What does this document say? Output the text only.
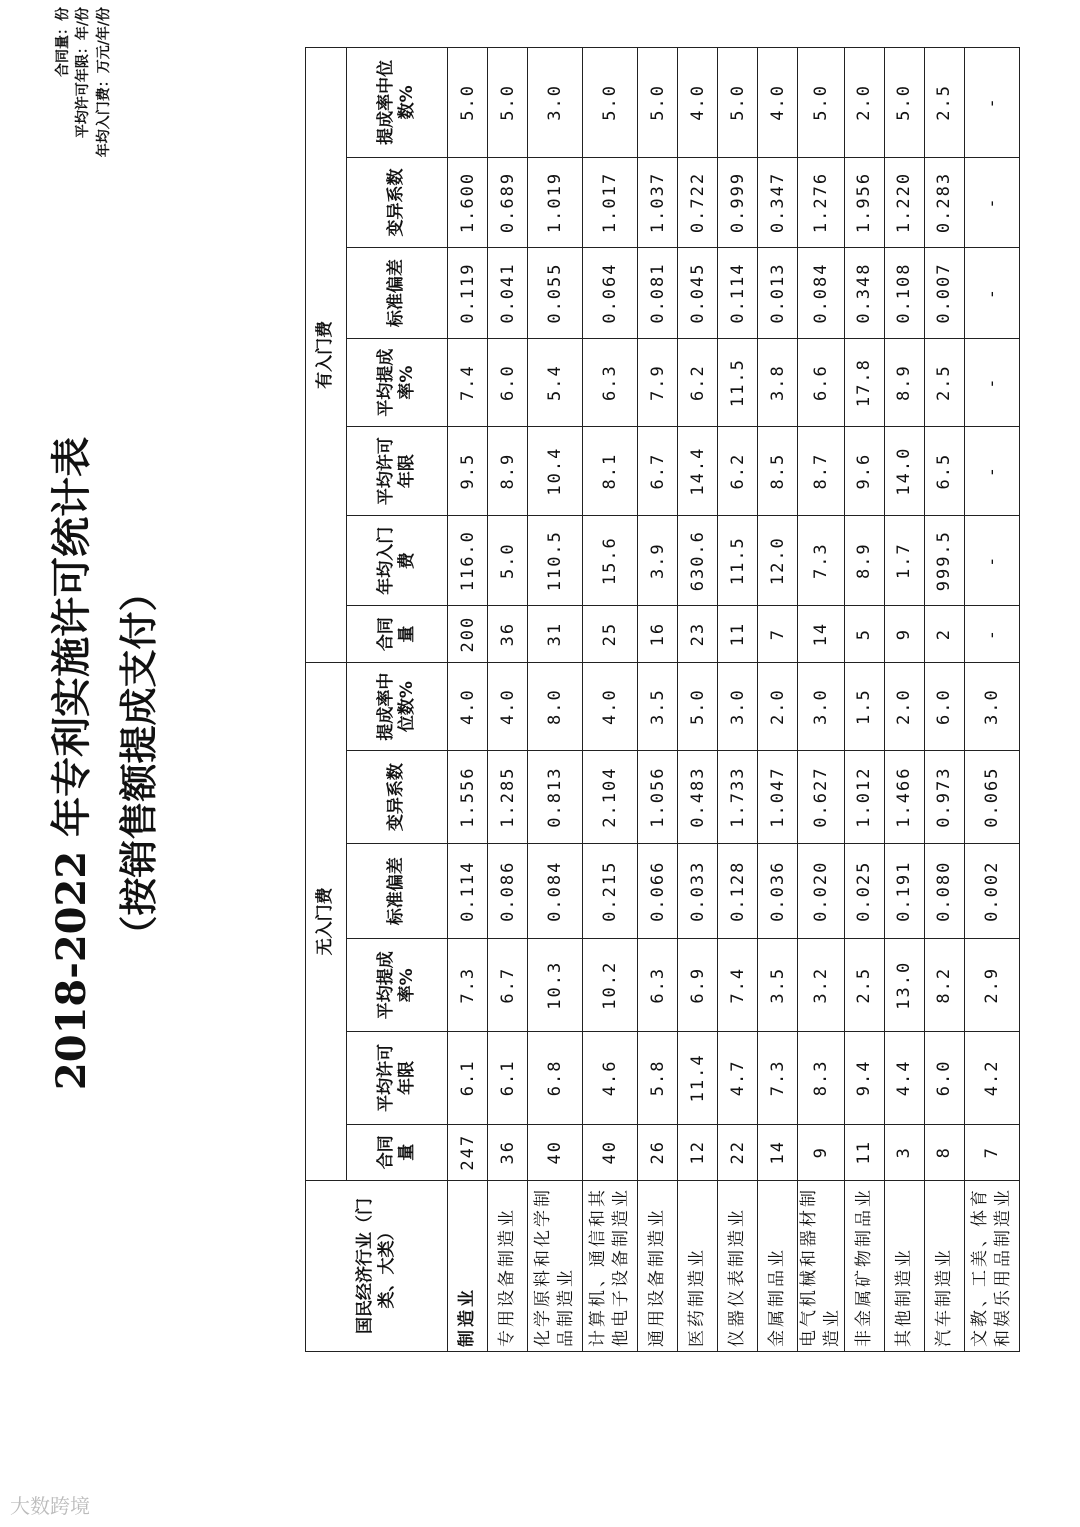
2018-2022 年专利实施许可统计表 （按销售额提成支付）
合同量：份 平均许可年限：年/份 年均入门费：万元/年/份
国民经济行业（门类、大类）	无入门费						有入门费						
	合同量	平均许可年限	平均提成率%	标准偏差	变异系数	提成率中位数%	合同量	年均入门费	平均许可年限	平均提成率%	标准偏差	变异系数	提成率中位数%
制造业	247	6.1	7.3	0.114	1.556	4.0	200	116.0	9.5	7.4	0.119	1.600	5.0
专用设备制造业	36	6.1	6.7	0.086	1.285	4.0	36	5.0	8.9	6.0	0.041	0.689	5.0
化学原料和化学制品制造业	40	6.8	10.3	0.084	0.813	8.0	31	110.5	10.4	5.4	0.055	1.019	3.0
计算机、通信和其他电子设备制造业	40	4.6	10.2	0.215	2.104	4.0	25	15.6	8.1	6.3	0.064	1.017	5.0
通用设备制造业	26	5.8	6.3	0.066	1.056	3.5	16	3.9	6.7	7.9	0.081	1.037	5.0
医药制造业	12	11.4	6.9	0.033	0.483	5.0	23	630.6	14.4	6.2	0.045	0.722	4.0
仪器仪表制造业	22	4.7	7.4	0.128	1.733	3.0	11	11.5	6.2	11.5	0.114	0.999	5.0
金属制品业	14	7.3	3.5	0.036	1.047	2.0	7	12.0	8.5	3.8	0.013	0.347	4.0
电气机械和器材制造业	9	8.3	3.2	0.020	0.627	3.0	14	7.3	8.7	6.6	0.084	1.276	5.0
非金属矿物制品业	11	9.4	2.5	0.025	1.012	1.5	5	8.9	9.6	17.8	0.348	1.956	2.0
其他制造业	3	4.4	13.0	0.191	1.466	2.0	9	1.7	14.0	8.9	0.108	1.220	5.0
汽车制造业	8	6.0	8.2	0.080	0.973	6.0	2	999.5	6.5	2.5	0.007	0.283	2.5
文教、工美、体育和娱乐用品制造业	7	4.2	2.9	0.002	0.065	3.0	-	-	-	-	-	-	-
大数跨境
